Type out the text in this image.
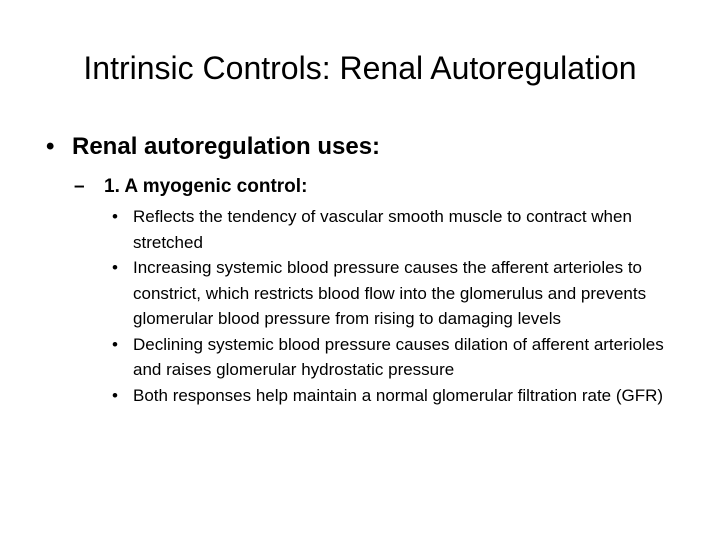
Intrinsic Controls: Renal Autoregulation
• Renal autoregulation uses:
–	1. A myogenic control:
• Reflects the tendency of vascular smooth muscle to contract when stretched
• Increasing systemic blood pressure causes the afferent arterioles to constrict, which restricts blood flow into the glomerulus and prevents glomerular blood pressure from rising to damaging levels
• Declining systemic blood pressure causes dilation of afferent arterioles and raises glomerular hydrostatic pressure
• Both responses help maintain a normal glomerular filtration rate (GFR)
